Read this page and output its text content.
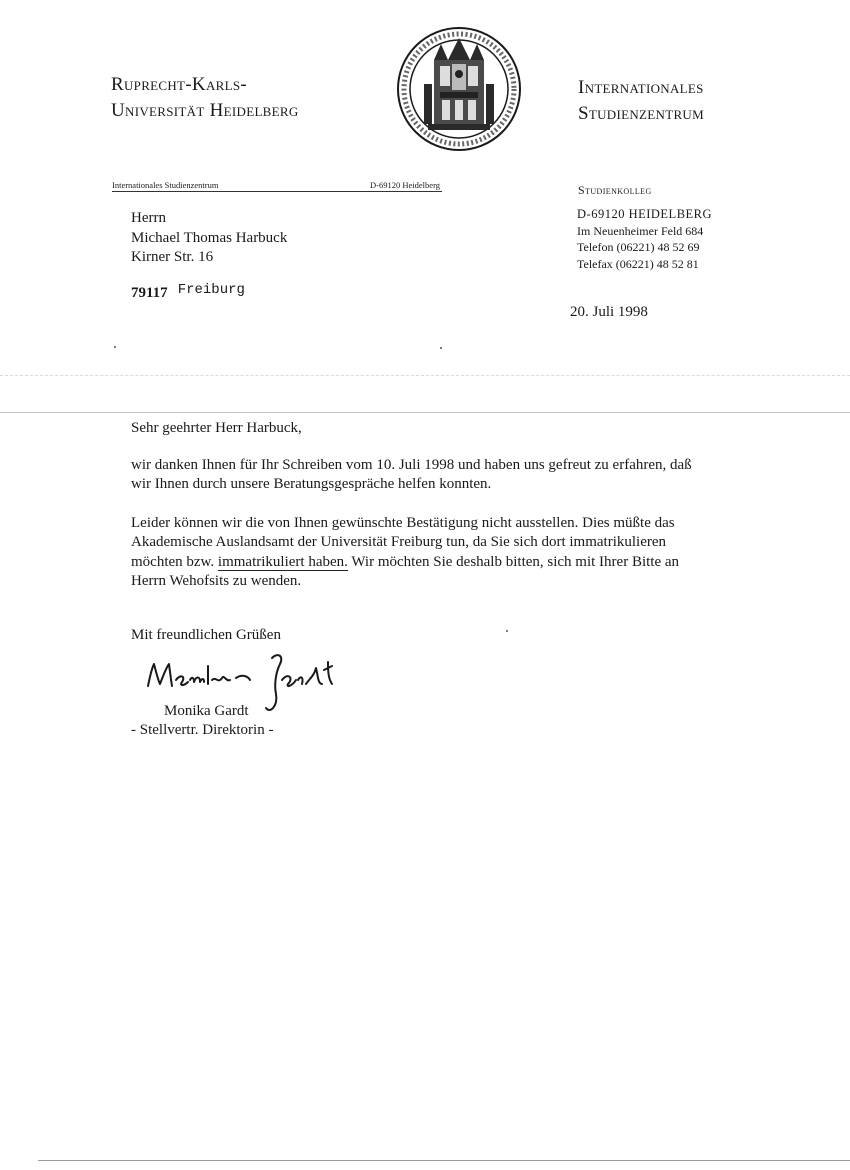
Ruprecht-Karls-
Universität Heidelberg
Internationales
Studienzentrum
Internationales Studienzentrum	D-69120 Heidelberg	Studienkolleg
D-69120 HEIDELBERG
Im Neuenheimer Feld 684
Telefon (06221) 48 52 69
Telefax (06221) 48 52 81
Herrn
Michael Thomas Harbuck
Kirner Str. 16
79117 Freiburg
20. Juli 1998
Sehr geehrter Herr Harbuck,
wir danken Ihnen für Ihr Schreiben vom 10. Juli 1998 und haben uns gefreut zu erfahren, daß
wir Ihnen durch unsere Beratungsgespräche helfen konnten.
Leider können wir die von Ihnen gewünschte Bestätigung nicht ausstellen. Dies müßte das
Akademische Auslandsamt der Universität Freiburg tun, da Sie sich dort immatrikulieren
möchten bzw. immatrikuliert haben. Wir möchten Sie deshalb bitten, sich mit Ihrer Bitte an
Herrn Wehofsits zu wenden.
Mit freundlichen Grüßen
Monika Gardt
- Stellvertr. Direktorin -
